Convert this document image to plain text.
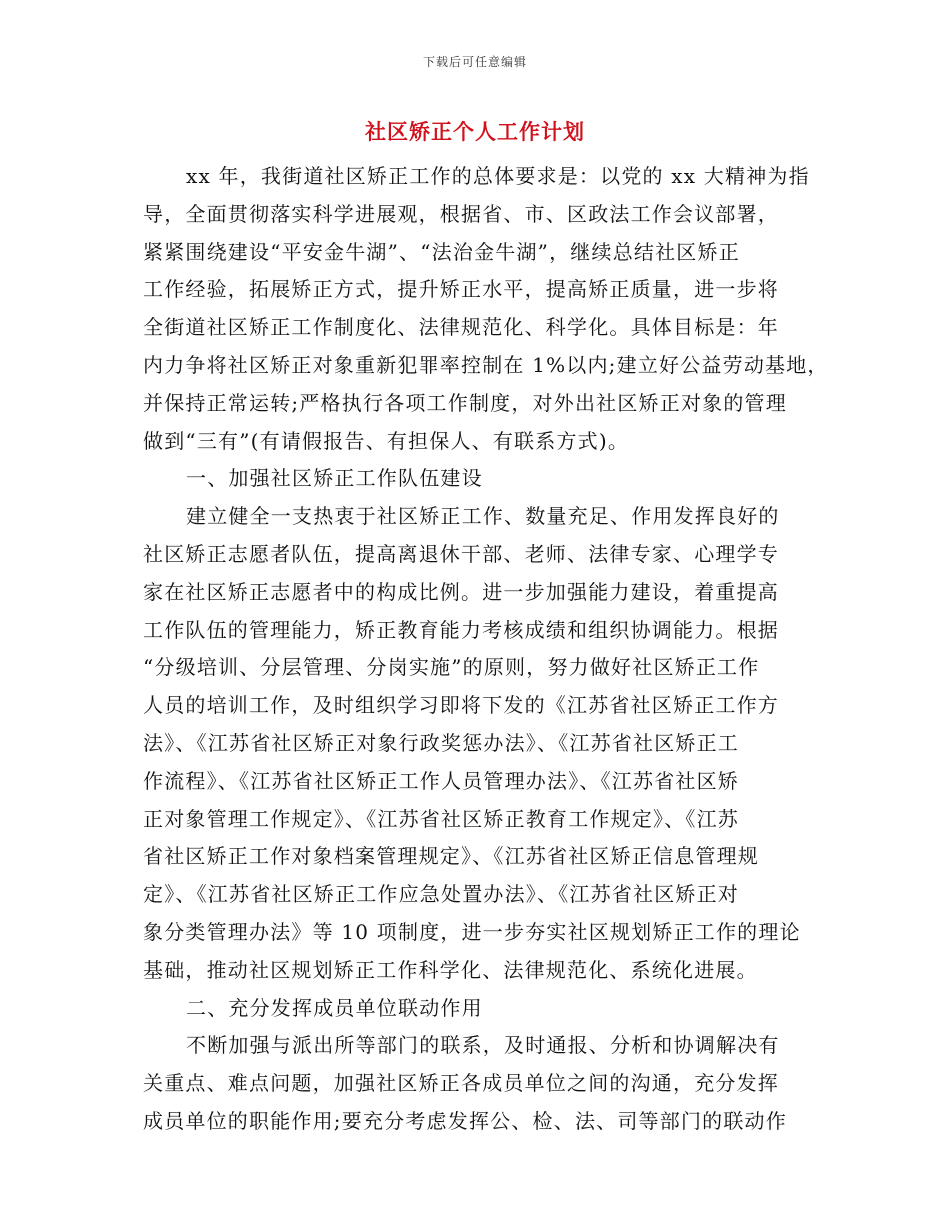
下载后可任意编辑
社区矫正个人工作计划
xx 年，我街道社区矫正工作的总体要求是：以党的 xx 大精神为指
导，全面贯彻落实科学进展观，根据省、市、区政法工作会议部署，
紧紧围绕建设“平安金牛湖”、“法治金牛湖”，继续总结社区矫正
工作经验，拓展矫正方式，提升矫正水平，提高矫正质量，进一步将
全街道社区矫正工作制度化、法律规范化、科学化。具体目标是：年
内力争将社区矫正对象重新犯罪率控制在 1%以内;建立好公益劳动基地，
并保持正常运转;严格执行各项工作制度，对外出社区矫正对象的管理
做到“三有”(有请假报告、有担保人、有联系方式)。
一、加强社区矫正工作队伍建设
建立健全一支热衷于社区矫正工作、数量充足、作用发挥良好的
社区矫正志愿者队伍，提高离退休干部、老师、法律专家、心理学专
家在社区矫正志愿者中的构成比例。进一步加强能力建设，着重提高
工作队伍的管理能力，矫正教育能力考核成绩和组织协调能力。根据
“分级培训、分层管理、分岗实施”的原则，努力做好社区矫正工作
人员的培训工作，及时组织学习即将下发的《江苏省社区矫正工作方
法》、《江苏省社区矫正对象行政奖惩办法》、《江苏省社区矫正工
作流程》、《江苏省社区矫正工作人员管理办法》、《江苏省社区矫
正对象管理工作规定》、《江苏省社区矫正教育工作规定》、《江苏
省社区矫正工作对象档案管理规定》、《江苏省社区矫正信息管理规
定》、《江苏省社区矫正工作应急处置办法》、《江苏省社区矫正对
象分类管理办法》等 10 项制度，进一步夯实社区规划矫正工作的理论
基础，推动社区规划矫正工作科学化、法律规范化、系统化进展。
二、充分发挥成员单位联动作用
不断加强与派出所等部门的联系，及时通报、分析和协调解决有
关重点、难点问题，加强社区矫正各成员单位之间的沟通，充分发挥
成员单位的职能作用;要充分考虑发挥公、检、法、司等部门的联动作
